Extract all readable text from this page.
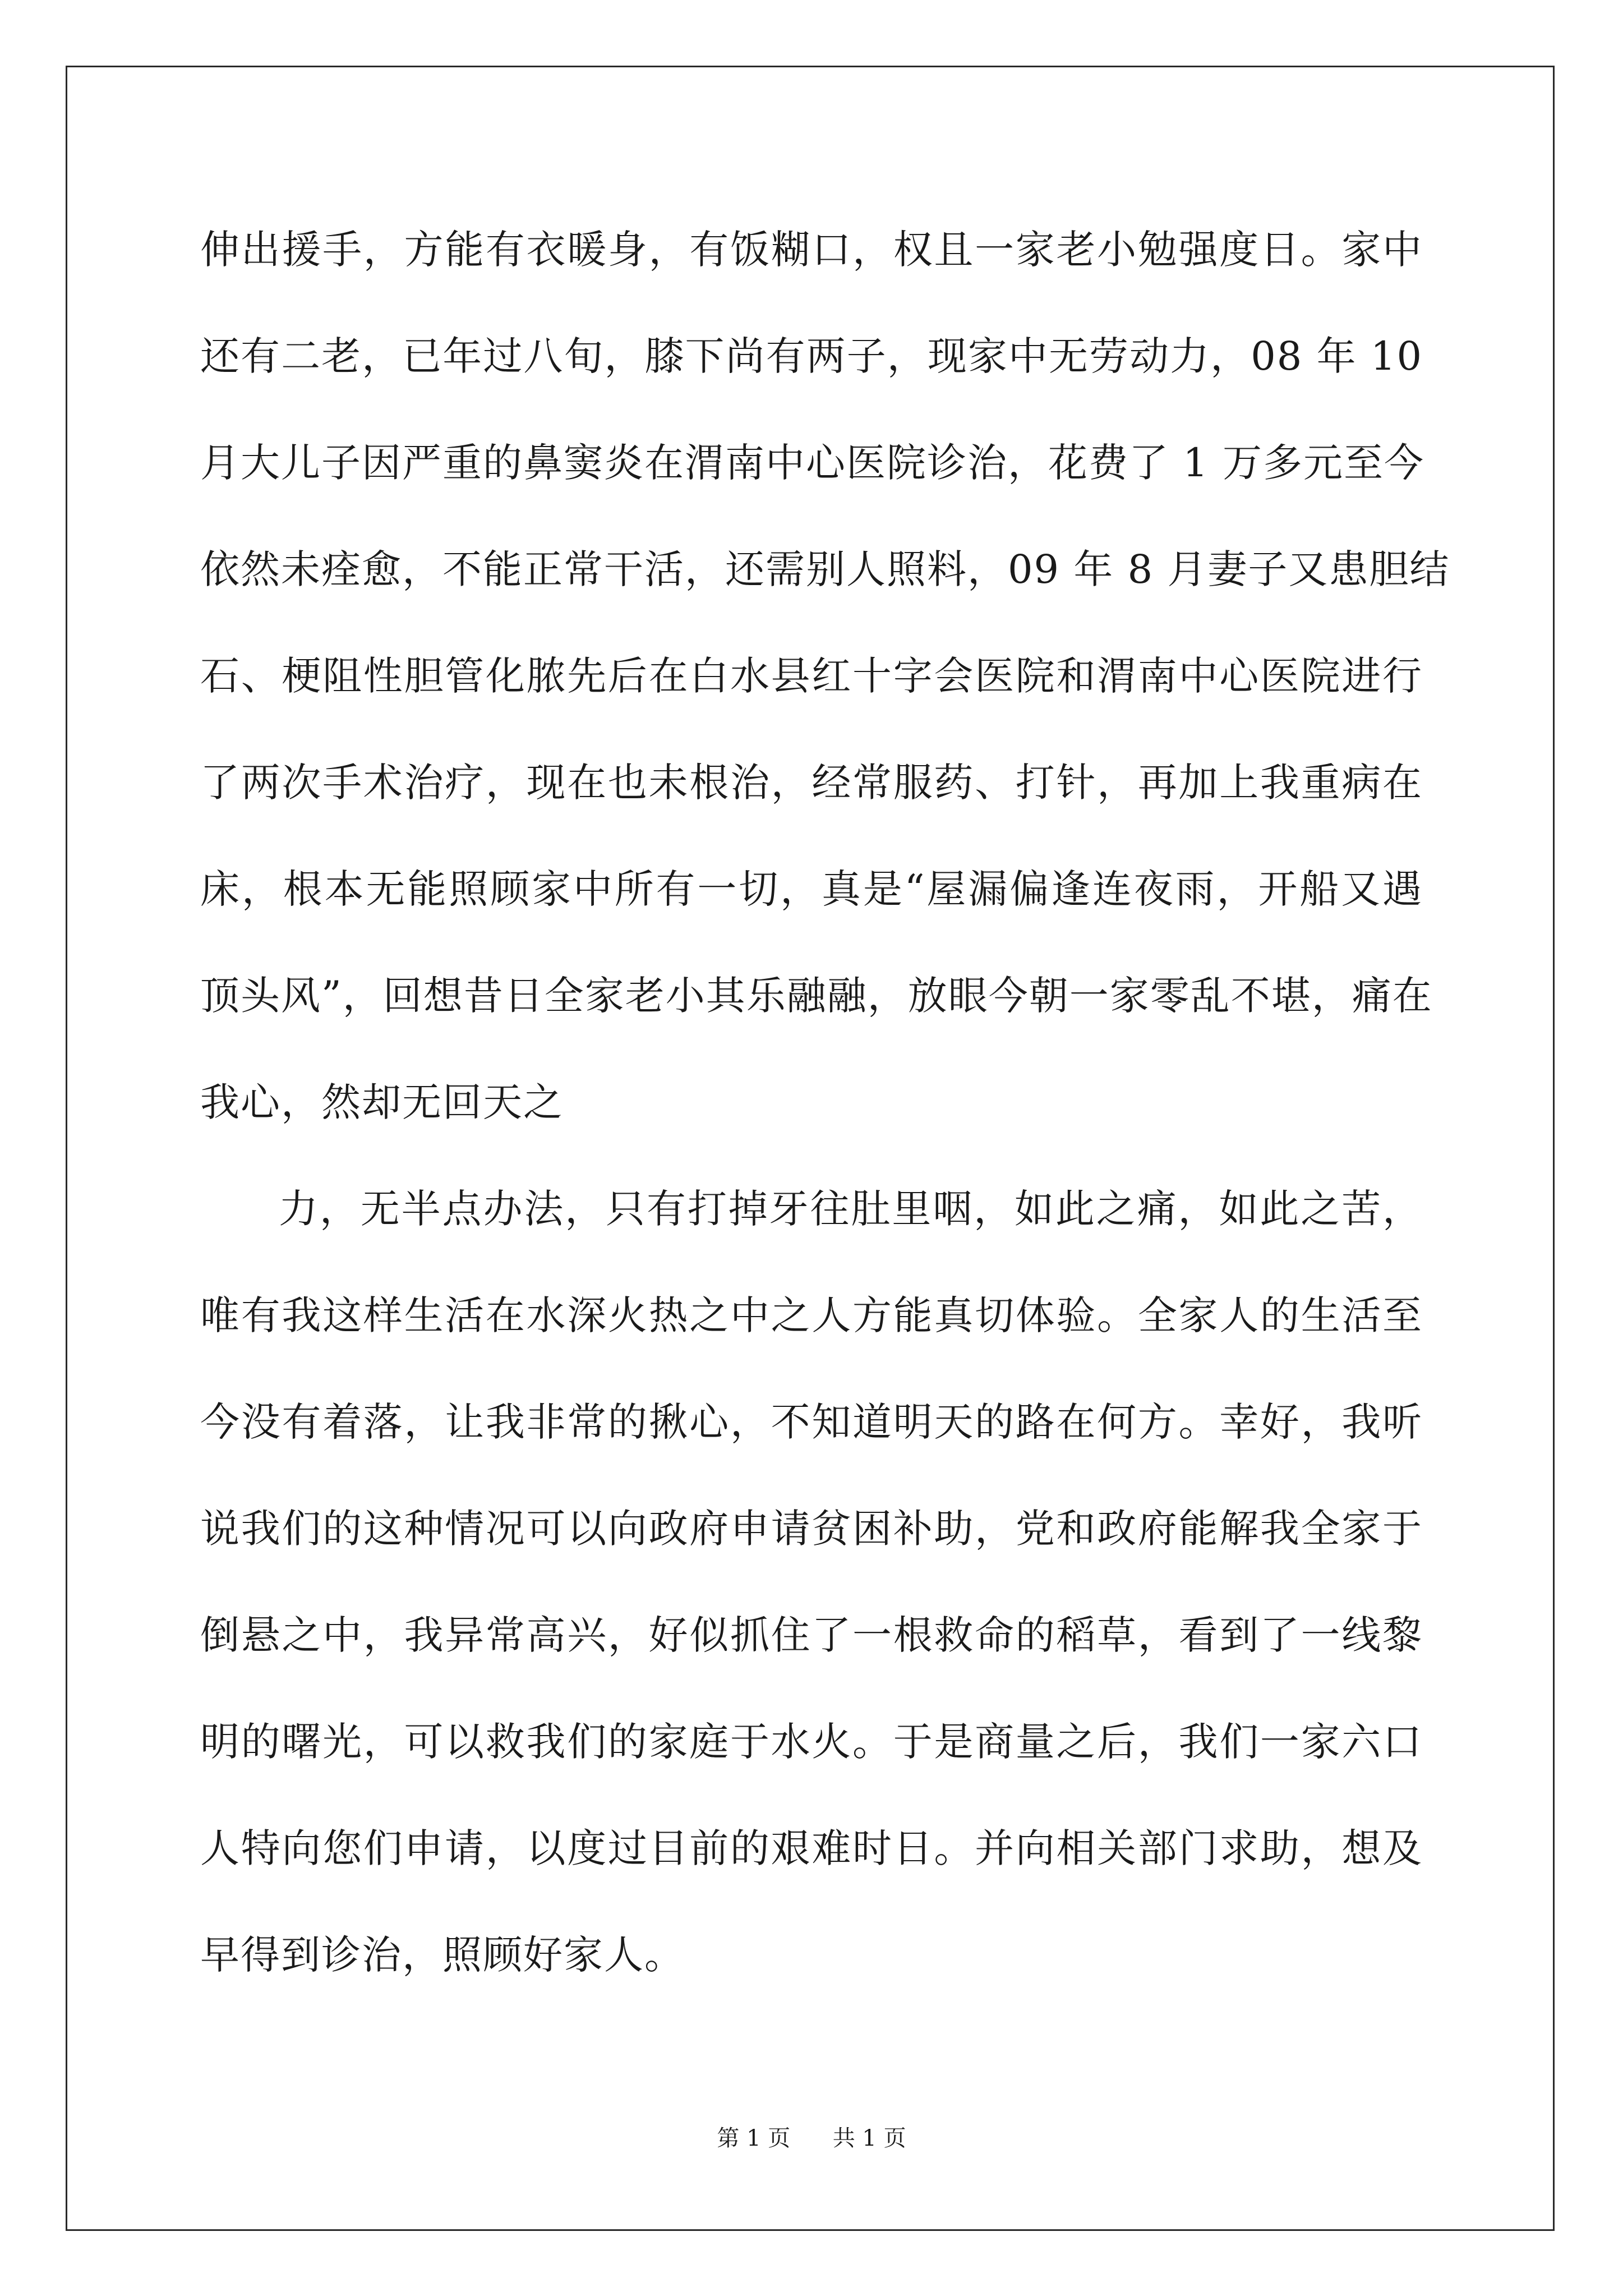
伸出援手，方能有衣暖身，有饭糊口，权且一家老小勉强度日。家中
还有二老，已年过八旬，膝下尚有两子，现家中无劳动力，08 年 10
月大儿子因严重的鼻窦炎在渭南中心医院诊治，花费了 1 万多元至今
依然未痊愈，不能正常干活，还需别人照料，09 年 8 月妻子又患胆结
石、梗阻性胆管化脓先后在白水县红十字会医院和渭南中心医院进行
了两次手术治疗，现在也未根治，经常服药、打针，再加上我重病在
床，根本无能照顾家中所有一切，真是“屋漏偏逢连夜雨，开船又遇
顶头风”，回想昔日全家老小其乐融融，放眼今朝一家零乱不堪，痛在
我心，然却无回天之
力，无半点办法，只有打掉牙往肚里咽，如此之痛，如此之苦，
唯有我这样生活在水深火热之中之人方能真切体验。全家人的生活至
今没有着落，让我非常的揪心，不知道明天的路在何方。幸好，我听
说我们的这种情况可以向政府申请贫困补助，党和政府能解我全家于
倒悬之中，我异常高兴，好似抓住了一根救命的稻草，看到了一线黎
明的曙光，可以救我们的家庭于水火。于是商量之后，我们一家六口
人特向您们申请，以度过目前的艰难时日。并向相关部门求助，想及
早得到诊治，照顾好家人。
第 1 页 共 1 页
